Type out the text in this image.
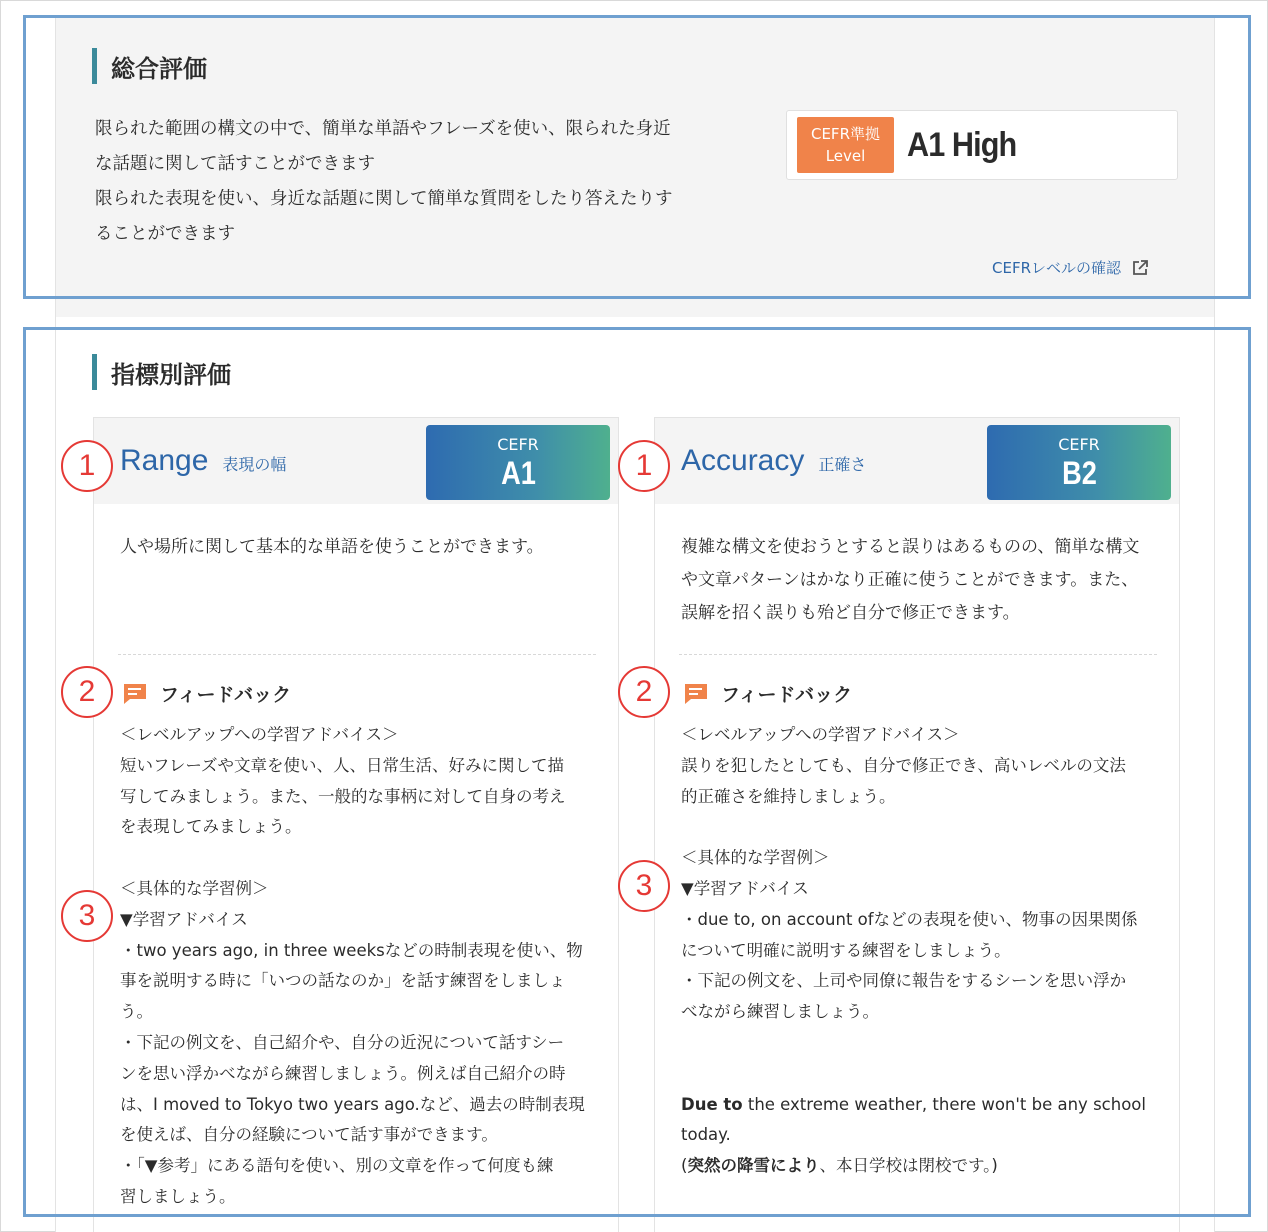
総合評価

限られた範囲の構文の中で、簡単な単語やフレーズを使い、限られた身近

な話題に関して話すことができます

限られた表現を使い、身近な話題に関して簡単な質問をしたり答えたりす

ることができます

CEFR準拠
Level A1 High
CEFRレベルの確認
指標別評価
Range 表現の幅
CEFR
A1
人や場所に関して基本的な単語を使うことができます。
フィードバック
＜レベルアップへの学習アドバイス＞
短いフレーズや文章を使い、人、日常生活、好みに関して描
写してみましょう。また、一般的な事柄に対して自身の考え
を表現してみましょう。
＜具体的な学習例＞
▼学習アドバイス
・two years ago, in three weeksなどの時制表現を使い、物
事を説明する時に「いつの話なのか」を話す練習をしましょ
う。
・下記の例文を、自己紹介や、自分の近況について話すシー
ンを思い浮かべながら練習しましょう。例えば自己紹介の時
は、I moved to Tokyo two years ago.など、過去の時制表現
を使えば、自分の経験について話す事ができます。
・「▼参考」にある語句を使い、別の文章を作って何度も練
習しましょう。
Accuracy 正確さ
CEFR
B2
複雑な構文を使おうとすると誤りはあるものの、簡単な構文や文章パターンはかなり正確に使うことができます。また、誤解を招く誤りも殆ど自分で修正できます。
フィードバック
＜レベルアップへの学習アドバイス＞
誤りを犯したとしても、自分で修正でき、高いレベルの文法
的正確さを維持しましょう。
＜具体的な学習例＞
▼学習アドバイス
・due to, on account ofなどの表現を使い、物事の因果関係
について明確に説明する練習をしましょう。
・下記の例文を、上司や同僚に報告をするシーンを思い浮か
べながら練習しましょう。
Due to the extreme weather, there won't be any school
today.
(突然の降雪により、本日学校は閉校です。)
1	1
2	2
3
3
